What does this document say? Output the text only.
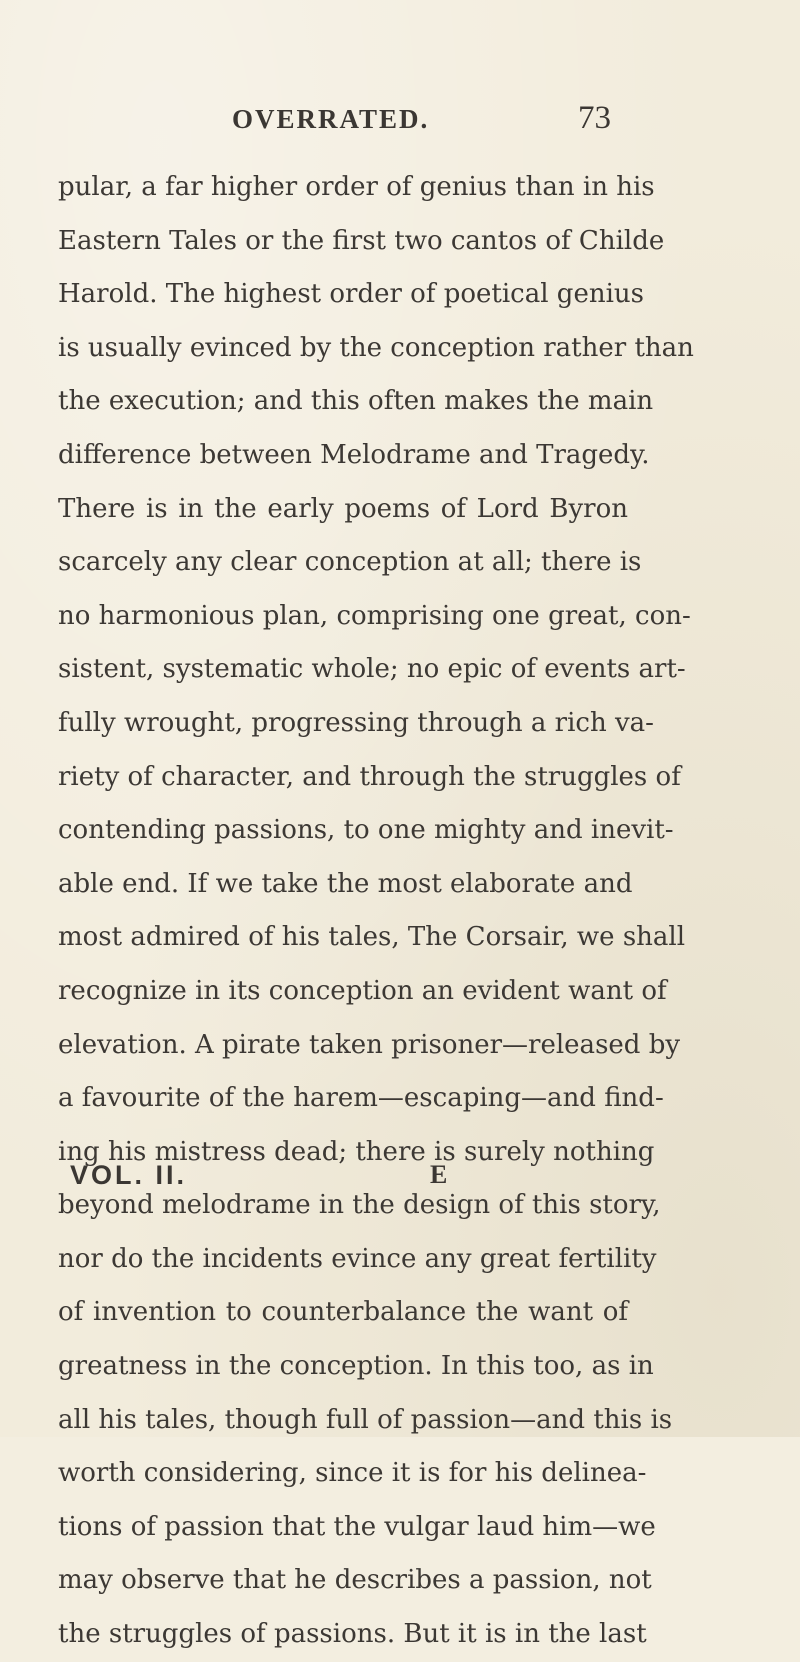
OVERRATED.	73
pular, a far higher order of genius than in his
Eastern Tales or the first two cantos of Childe
Harold. The highest order of poetical genius
is usually evinced by the conception rather than
the execution; and this often makes the main
difference between Melodrame and Tragedy.
There is in the early poems of Lord Byron
scarcely any clear conception at all; there is
no harmonious plan, comprising one great, con-
sistent, systematic whole; no epic of events art-
fully wrought, progressing through a rich va-
riety of character, and through the struggles of
contending passions, to one mighty and inevit-
able end. If we take the most elaborate and
most admired of his tales, The Corsair, we shall
recognize in its conception an evident want of
elevation. A pirate taken prisoner—released by
a favourite of the harem—escaping—and find-
ing his mistress dead; there is surely nothing
beyond melodrame in the design of this story,
nor do the incidents evince any great fertility
of invention to counterbalance the want of
greatness in the conception. In this too, as in
all his tales, though full of passion—and this is
worth considering, since it is for his delinea-
tions of passion that the vulgar laud him—we
may observe that he describes a passion, not
the struggles of passions. But it is in the last
VOL. II.	E
